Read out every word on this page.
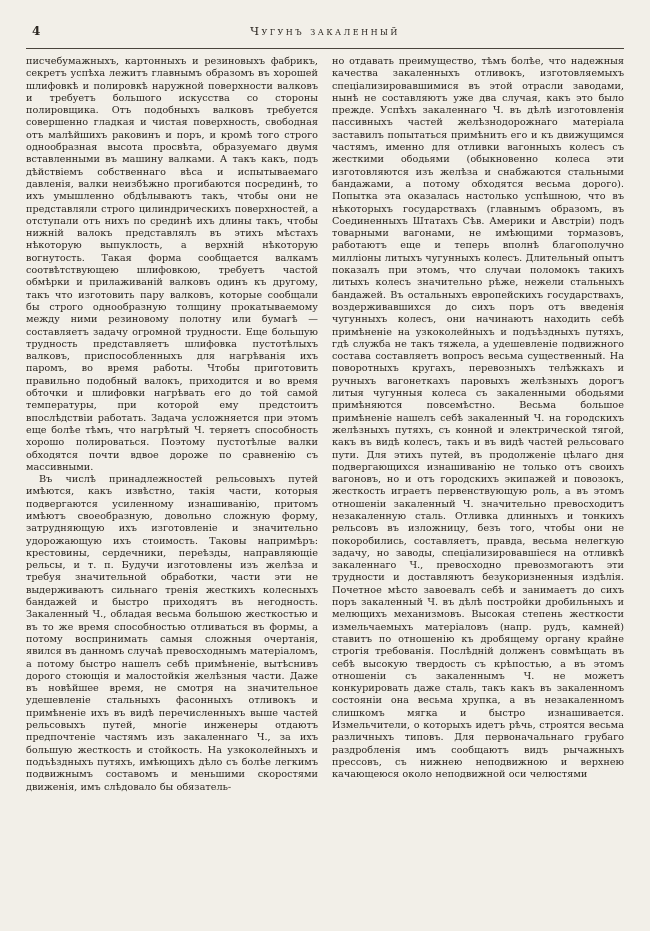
4	Чугунъ закаленный

писчебумажныхъ, картонныхъ и резиновыхъ фабрикъ, секретъ успѣха лежитъ главнымъ образомъ въ хорошей шлифовкѣ и полировкѣ наружной поверхности валковъ и требуетъ большого искусства со стороны полировщика. Отъ подобныхъ валковъ требуется совершенно гладкая и чистая поверхность, свободная отъ малѣйшихъ раковинъ и поръ, и кромѣ того строго однообразная высота просвѣта, образуемаго двумя вставленными въ машину валками. А такъ какъ, подъ дѣйствіемъ собственнаго вѣса и испытываемаго давленія, валки неизбѣжно прогибаются посрединѣ, то ихъ умышленно обдѣлываютъ такъ, чтобы они не представляли строго цилиндрическихъ поверхностей, а отступали отъ нихъ по срединѣ ихъ длины такъ, чтобы нижній валокъ представлялъ въ этихъ мѣстахъ нѣкоторую выпуклость, а верхній нѣкоторую вогнутость. Такая форма сообщается валкамъ соотвѣтствующею шлифовкою, требуетъ частой обмѣрки и прилаживаній валковъ одинъ къ другому, такъ что изготовить пару валковъ, которые сообщали бы строго однообразную толщину прокатываемому между ними резиновому полотну или бумагѣ — составляетъ задачу огромной трудности. Еще большую трудность представляетъ шлифовка пустотѣлыхъ валковъ, приспособленныхъ для нагрѣванія ихъ паромъ, во время работы. Чтобы приготовить правильно подобный валокъ, приходится и во время обточки и шлифовки нагрѣвать его до той самой температуры, при которой ему предстоитъ впослѣдствіи работать. Задача усложняется при этомъ еще болѣе тѣмъ, что нагрѣтый Ч. теряетъ способность хорошо полироваться. Поэтому пустотѣлые валки обходятся почти вдвое дороже по сравненію съ массивными.

Въ числѣ принадлежностей рельсовыхъ путей имѣются, какъ извѣстно, такія части, которыя подвергаются усиленному изнашиванію, притомъ имѣютъ своеобразную, довольно сложную форму, затрудняющую ихъ изготовленіе и значительно удорожающую ихъ стоимость. Таковы напримѣръ: крестовины, сердечники, переѣзды, направляющіе рельсы, и т. п. Будучи изготовлены изъ желѣза и требуя значительной обработки, части эти не выдерживаютъ сильнаго тренія жесткихъ колесныхъ бандажей и быстро приходятъ въ негодность. Закаленный Ч., обладая весьма большою жесткостью и въ то же время способностью отливаться въ формы, а потому воспринимать самыя сложныя очертанія, явился въ данномъ случаѣ превосходнымъ матеріаломъ, а потому быстро нашелъ себѣ примѣненіе, вытѣснивъ дорого стоющія и малостойкія желѣзныя части. Даже въ новѣйшее время, не смотря на значительное удешевленіе стальныхъ фасонныхъ отливокъ и примѣненіе ихъ въ видѣ перечисленныхъ выше частей рельсовыхъ путей, многіе инженеры отдаютъ предпочтеніе частямъ изъ закаленнаго Ч., за ихъ большую жесткость и стойкость. На узкоколейныхъ и подъѣздныхъ путяхъ, имѣющихъ дѣло съ болѣе легкимъ подвижнымъ составомъ и меньшими скоростями движенія, имъ слѣдовало бы обязатель-

но отдавать преимущество, тѣмъ болѣе, что надежныя качества закаленныхъ отливокъ, изготовляемыхъ спеціализировавшимися въ этой отрасли заводами, нынѣ не составляютъ уже два случая, какъ это было прежде. Успѣхъ закаленнаго Ч. въ дѣлѣ изготовленія пассивныхъ частей желѣзнодорожнаго матеріала заставилъ попытаться примѣнить его и къ движущимся частямъ, именно для отливки вагонныхъ колесъ съ жесткими ободьями (обыкновенно колеса эти изготовляются изъ желѣза и снабжаются стальными бандажами, а потому обходятся весьма дорого). Попытка эта оказалась настолько успѣшною, что въ нѣкоторыхъ государствахъ (главнымъ образомъ, въ Соединенныхъ Штатахъ Сѣв. Америки и Австріи) подъ товарными вагонами, не имѣющими тормазовъ, работаютъ еще и теперь вполнѣ благополучно милліоны литыхъ чугунныхъ колесъ. Длительный опытъ показалъ при этомъ, что случаи поломокъ такихъ литыхъ колесъ значительно рѣже, нежели стальныхъ бандажей. Въ остальныхъ европейскихъ государствахъ, воздерживавшихся до сихъ поръ отъ введенія чугунныхъ колесъ, они начинаютъ находить себѣ примѣненіе на узкоколейныхъ и подъѣздныхъ путяхъ, гдѣ служба не такъ тяжела, а удешевленіе подвижного состава составляетъ вопросъ весьма существенный. На поворотныхъ кругахъ, перевозныхъ телѣжкахъ и ручныхъ вагонеткахъ паровыхъ желѣзныхъ дорогъ литыя чугунныя колеса съ закаленными ободьями примѣняются повсемѣстно. Весьма большое примѣненіе нашелъ себѣ закаленный Ч. на городскихъ желѣзныхъ путяхъ, съ конной и электрической тягой, какъ въ видѣ колесъ, такъ и въ видѣ частей рельсоваго пути. Для этихъ путей, въ продолженіе цѣлаго дня подвергающихся изнашиванію не только отъ своихъ вагоновъ, но и отъ городскихъ экипажей и повозокъ, жесткость играетъ первенствующую роль, а въ этомъ отношеніи закаленный Ч. значительно превосходитъ незакаленную сталь. Отливка длинныхъ и тонкихъ рельсовъ въ изложницу, безъ того, чтобы они не покоробились, составляетъ, правда, весьма нелегкую задачу, но заводы, спеціализировавшіеся на отливкѣ закаленнаго Ч., превосходно превозмогаютъ эти трудности и доставляютъ безукоризненныя издѣлія. Почетное мѣсто завоевалъ себѣ и занимаетъ до сихъ поръ закаленный Ч. въ дѣлѣ постройки дробильныхъ и мелющихъ механизмовъ. Высокая степень жесткости измельчаемыхъ матеріаловъ (напр. рудъ, камней) ставитъ по отношенію къ дробящему органу крайне строгія требованія. Послѣдній долженъ совмѣщать въ себѣ высокую твердость съ крѣпостью, а въ этомъ отношеніи съ закаленнымъ Ч. не можетъ конкурировать даже сталь, такъ какъ въ закаленномъ состояніи она весьма хрупка, а въ незакаленномъ слишкомъ мягка и быстро изнашивается. Измельчители, о которыхъ идетъ рѣчь, строятся весьма различныхъ типовъ. Для первоначальнаго грубаго раздробленія имъ сообщаютъ видъ рычажныхъ прессовъ, съ нижнею неподвижною и верхнею качающеюся около неподвижной оси челюстями
